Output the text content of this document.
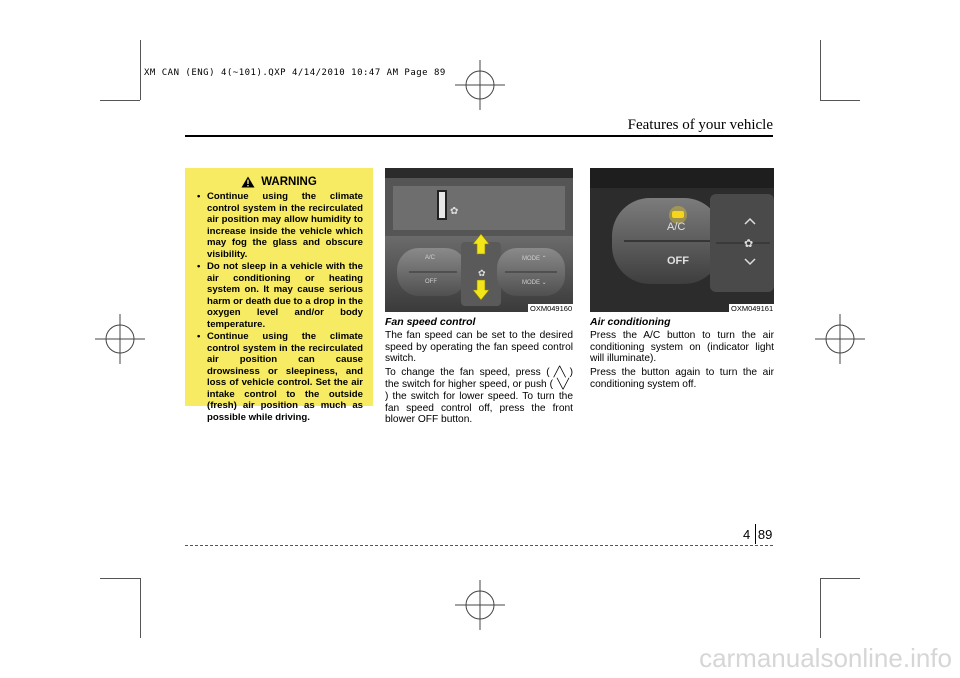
XM CAN (ENG) 4(~101).QXP 4/14/2010 10:47 AM Page 89
Features of your vehicle
WARNING
• Continue using the climate control system in the recirculated air position may allow humidity to increase inside the vehicle which may fog the glass and obscure visibility.
• Do not sleep in a vehicle with the air conditioning or heating system on. It may cause serious harm or death due to a drop in the oxygen level and/or body temperature.
• Continue using the climate control system in the recirculated air position can cause drowsiness or sleepiness, and loss of vehicle control. Set the air intake control to the outside (fresh) air position as much as possible while driving.
✿
✿
A/C
OFF
MODE ⌃
MODE ⌄
OXM049160
✿
A/C
OFF
OXM049161
Fan speed control

The fan speed can be set to the desired speed by operating the fan speed control switch.

To change the fan speed, press ( ╱╲ ) the switch for higher speed, or push ( ╲╱) the switch for lower speed. To turn the fan speed control off, press the front blower OFF button.

Air conditioning

Press the A/C button to turn the air conditioning system on (indicator light will illuminate).

Press the button again to turn the air conditioning system off.

4 89
carmanualsonline.info
